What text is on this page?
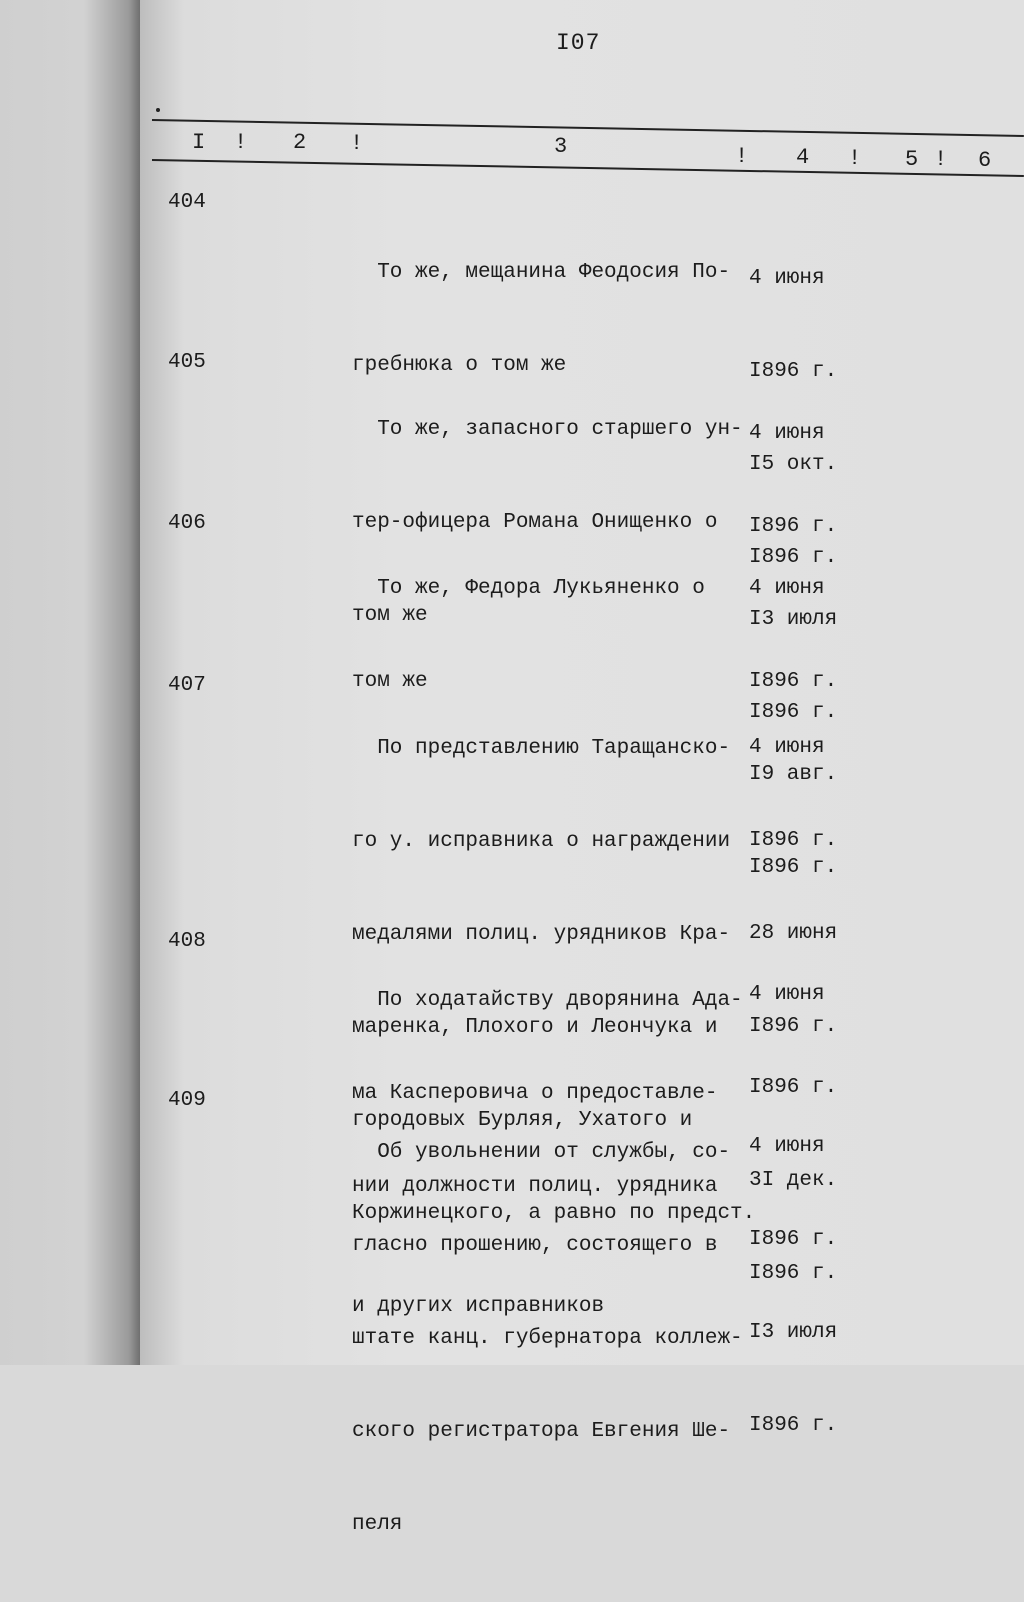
I07
I ! 2 !	3	! 4 ! 5 ! 6
404

То же, мещанина Феодосия По-

гребнюка о том же

4 июня

I896 г.

I5 окт.

I896 г.

405

То же, запасного старшего ун-

тер-офицера Романа Онищенко о

том же

4 июня

I896 г.

I3 июля

I896 г.

406

То же, Федора Лукьяненко о

том же

4 июня

I896 г.

I9 авг.

I896 г.

407

По представлению Таращанско-

го у. исправника о награждении

медалями полиц. урядников Кра-

маренка, Плохого и Леончука и

городовых Бурляя, Ухатого и

Коржинецкого, а равно по предст.

и других исправников

4 июня

I896 г.

28 июня

I896 г.

408

По ходатайству дворянина Ада-

ма Касперовича о предоставле-

нии должности полиц. урядника

4 июня

I896 г.

3I дек.

I896 г.

409

Об увольнении от службы, со-

гласно прошению, состоящего в

штате канц. губернатора коллеж-

ского регистратора Евгения Ше-

пеля

4 июня

I896 г.

I3 июля

I896 г.
